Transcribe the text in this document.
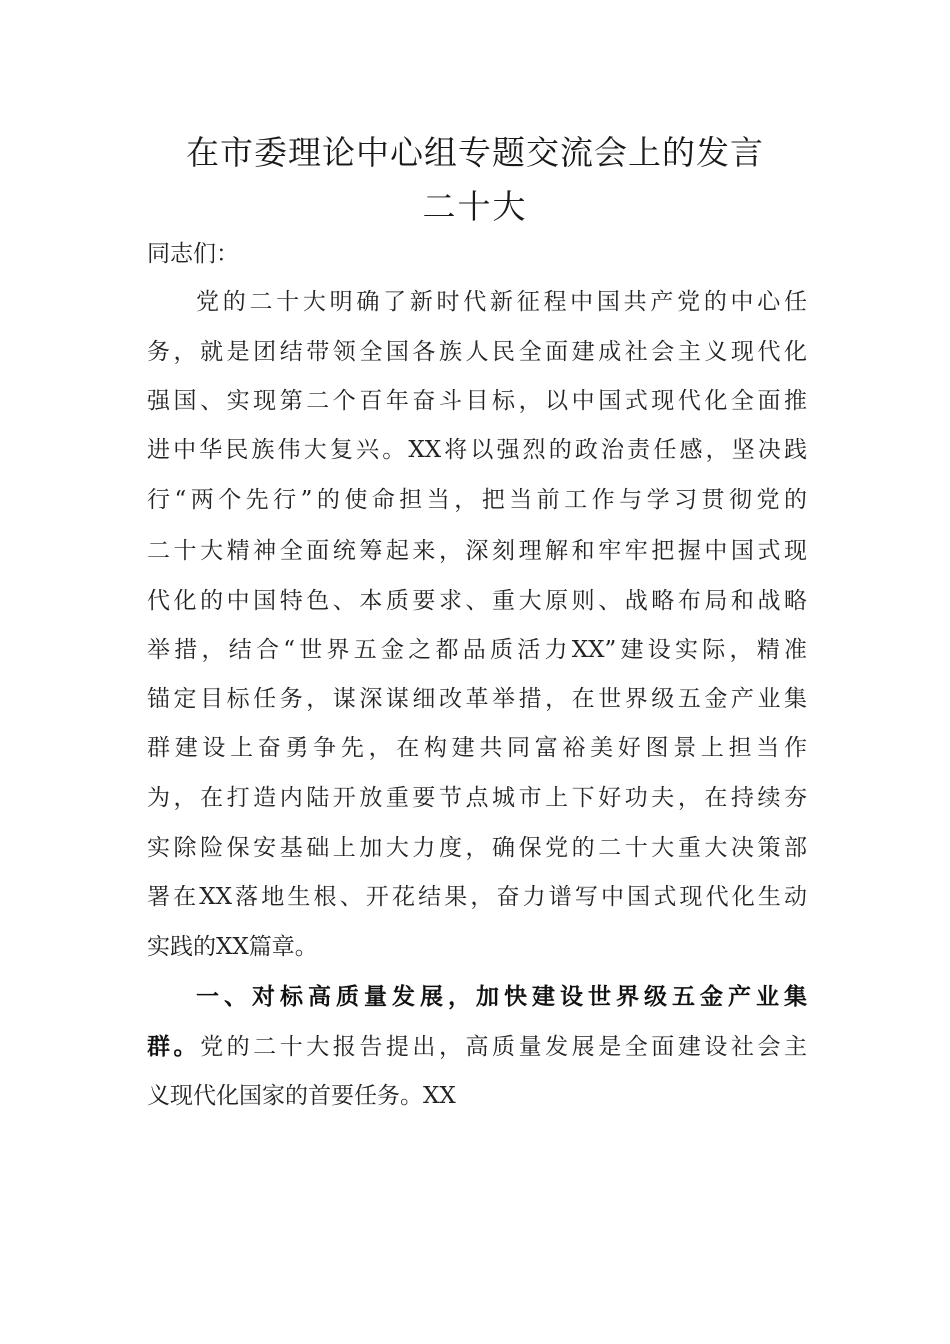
在市委理论中心组专题交流会上的发言
二十大
同志们：
党的二十大明确了新时代新征程中国共产党的中心任
务，就是团结带领全国各族人民全面建成社会主义现代化
强国、实现第二个百年奋斗目标，以中国式现代化全面推
进中华民族伟大复兴。XX将以强烈的政治责任感，坚决践
行“两个先行”的使命担当，把当前工作与学习贯彻党的
二十大精神全面统筹起来，深刻理解和牢牢把握中国式现
代化的中国特色、本质要求、重大原则、战略布局和战略
举措，结合“世界五金之都品质活力XX”建设实际，精准
锚定目标任务，谋深谋细改革举措，在世界级五金产业集
群建设上奋勇争先，在构建共同富裕美好图景上担当作
为，在打造内陆开放重要节点城市上下好功夫，在持续夯
实除险保安基础上加大力度，确保党的二十大重大决策部
署在XX落地生根、开花结果，奋力谱写中国式现代化生动
实践的XX篇章。
一、对标高质量发展，加快建设世界级五金产业集
群。党的二十大报告提出，高质量发展是全面建设社会主
义现代化国家的首要任务。XX
